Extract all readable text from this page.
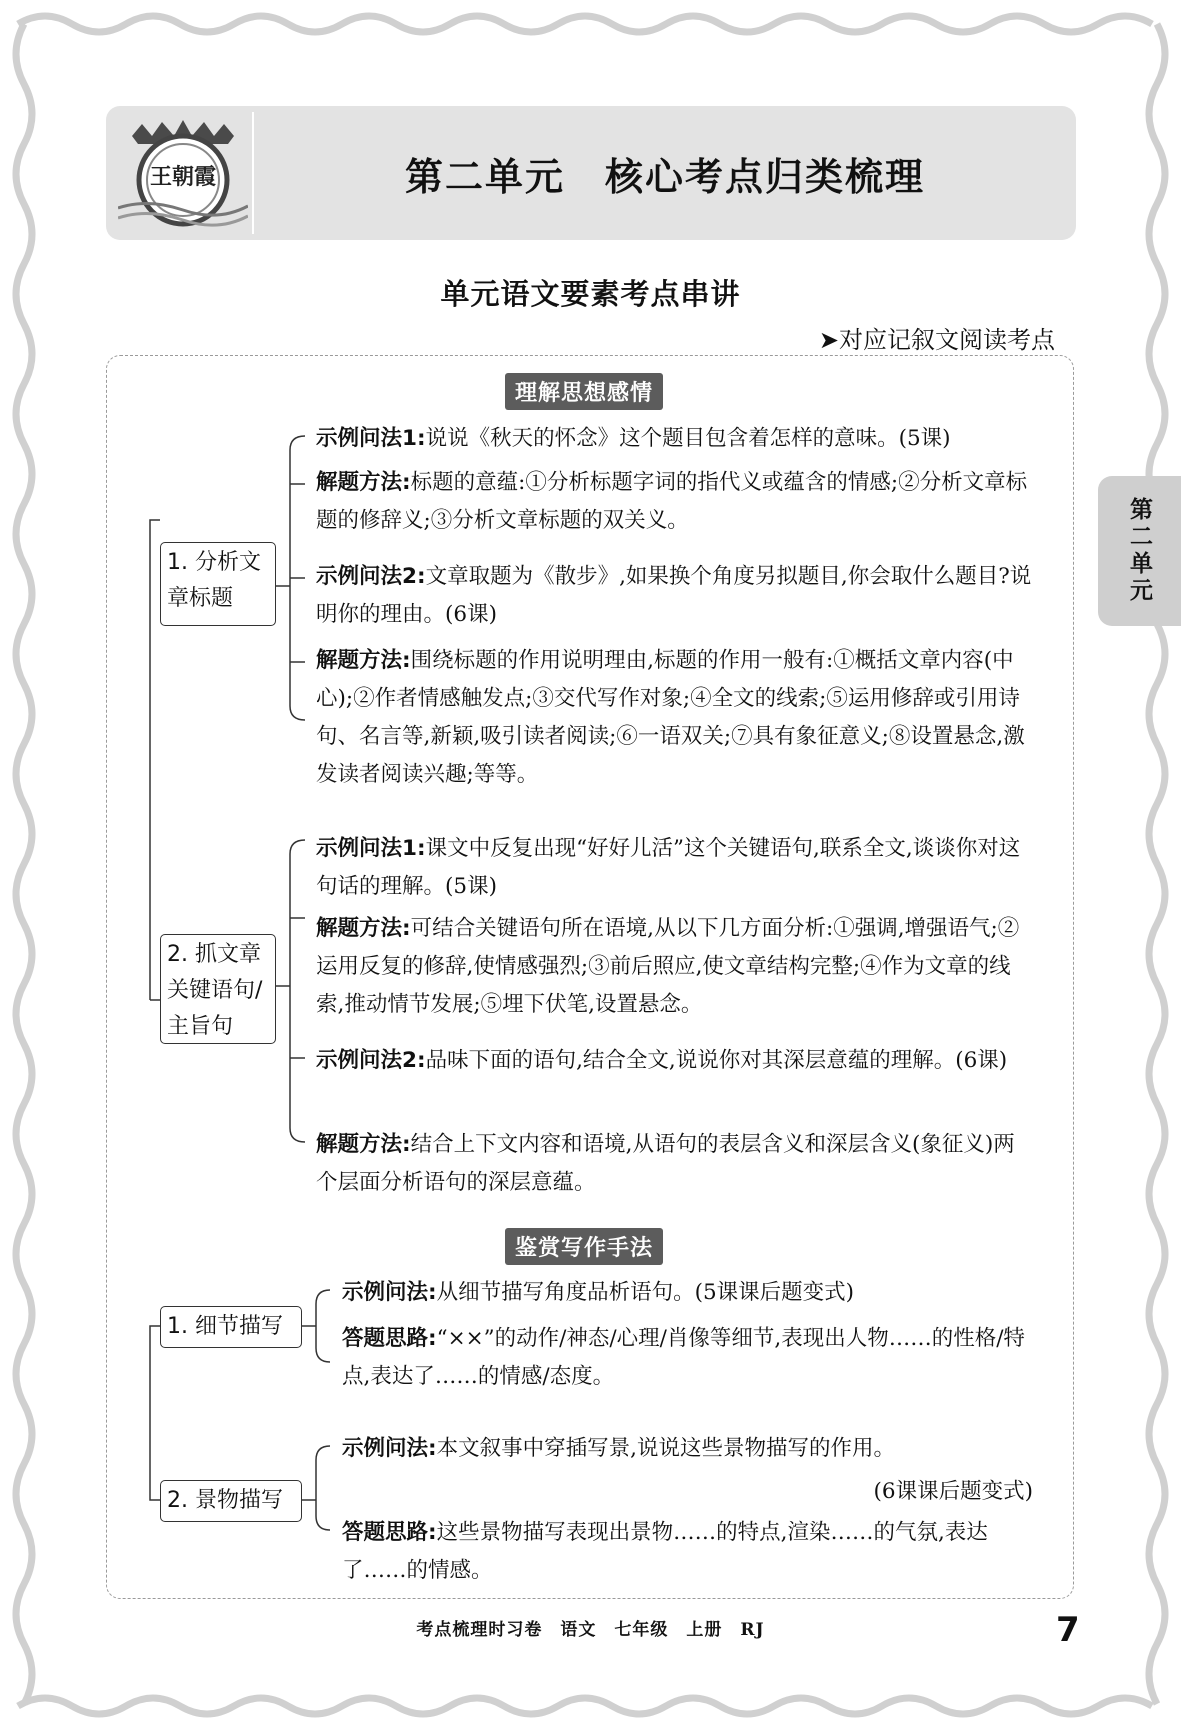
王朝霞	第二单元　核心考点归类梳理
单元语文要素考点串讲
➤对应记叙文阅读考点
第二单元
理解思想感情
1. 分析文章标题
示例问法1:说说《秋天的怀念》这个题目包含着怎样的意味。(5课)
解题方法:标题的意蕴:①分析标题字词的指代义或蕴含的情感;②分析文章标题的修辞义;③分析文章标题的双关义。
示例问法2:文章取题为《散步》,如果换个角度另拟题目,你会取什么题目?说明你的理由。(6课)
解题方法:围绕标题的作用说明理由,标题的作用一般有:①概括文章内容(中心);②作者情感触发点;③交代写作对象;④全文的线索;⑤运用修辞或引用诗句、名言等,新颖,吸引读者阅读;⑥一语双关;⑦具有象征意义;⑧设置悬念,激发读者阅读兴趣;等等。
2. 抓文章关键语句/主旨句
示例问法1:课文中反复出现“好好儿活”这个关键语句,联系全文,谈谈你对这句话的理解。(5课)
解题方法:可结合关键语句所在语境,从以下几方面分析:①强调,增强语气;②运用反复的修辞,使情感强烈;③前后照应,使文章结构完整;④作为文章的线索,推动情节发展;⑤埋下伏笔,设置悬念。
示例问法2:品味下面的语句,结合全文,说说你对其深层意蕴的理解。(6课)
解题方法:结合上下文内容和语境,从语句的表层含义和深层含义(象征义)两个层面分析语句的深层意蕴。
鉴赏写作手法
1. 细节描写
示例问法:从细节描写角度品析语句。(5课课后题变式)
答题思路:“××”的动作/神态/心理/肖像等细节,表现出人物……的性格/特点,表达了……的情感/态度。
2. 景物描写
示例问法:本文叙事中穿插写景,说说这些景物描写的作用。
(6课课后题变式)
答题思路:这些景物描写表现出景物……的特点,渲染……的气氛,表达了……的情感。
考点梳理时习卷　语文　七年级　上册　RJ	7
